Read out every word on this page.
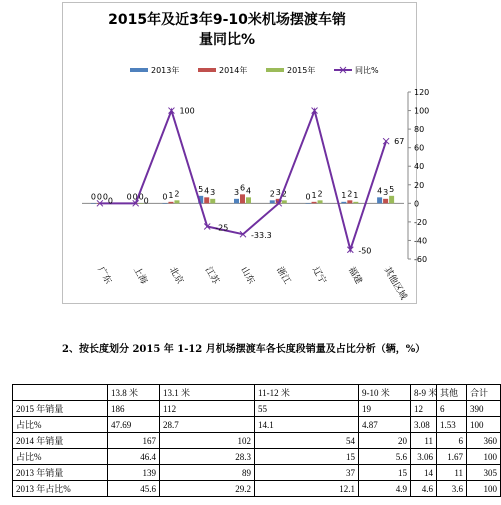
-60
-40
-20
0
20
40
60
80
100
120
0 0 0
广东
0 0 0
上海
0 1 2
北京
5 4 3
江苏
3 6 4
山东
2 3 2
浙江
0 1 2
辽宁
1 2 1
福建
4 3 5
其他区域
0	0
100
-25
-33.3
-50
67
2013年	2014年	2015年	同比%
2015年及近3年9-10米机场摆渡车销
量同比%
2、按长度划分 2015 年 1-12 月机场摆渡车各长度段销量及占比分析（辆，%）
	13.8 米	13.1 米	11-12 米	9-10 米	8-9 米	其他	合计
2015 年销量	186	112	55	19	12	6	390
占比%	47.69	28.7	14.1	4.87	3.08	1.53	100
2014 年销量	167	102	54	20	11	6	360
占比%	46.4	28.3	15	5.6	3.06	1.67	100
2013 年销量	139	89	37	15	14	11	305
2013 年占比%	45.6	29.2	12.1	4.9	4.6	3.6	100
